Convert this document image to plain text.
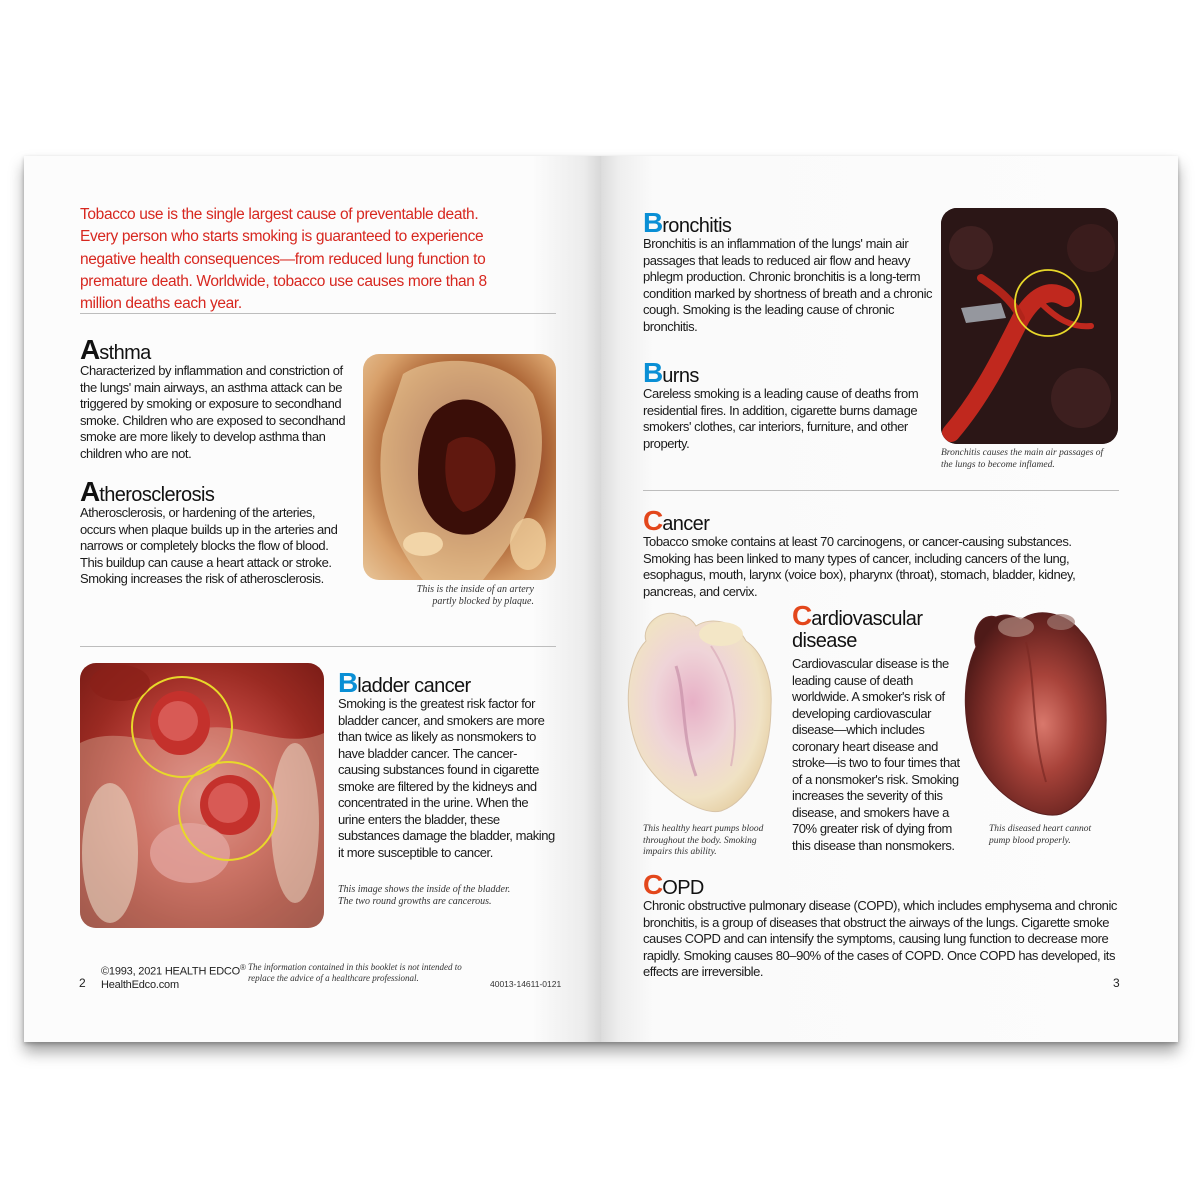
Tobacco use is the single largest cause of preventable death. Every person who starts smoking is guaranteed to experience negative health consequences—from reduced lung function to premature death. Worldwide, tobacco use causes more than 8 million deaths each year.
Asthma
Characterized by inflammation and constriction of the lungs' main airways, an asthma attack can be triggered by smoking or exposure to secondhand smoke. Children who are exposed to secondhand smoke are more likely to develop asthma than children who are not.
Atherosclerosis
Atherosclerosis, or hardening of the arteries, occurs when plaque builds up in the arteries and narrows or completely blocks the flow of blood. This buildup can cause a heart attack or stroke. Smoking increases the risk of atherosclerosis.
This is the inside of an artery
partly blocked by plaque.
Bladder cancer
Smoking is the greatest risk factor for bladder cancer, and smokers are more than twice as likely as nonsmokers to have bladder cancer. The cancer-causing substances found in cigarette smoke are filtered by the kidneys and concentrated in the urine. When the urine enters the bladder, these substances damage the bladder, making it more susceptible to cancer.
This image shows the inside of the bladder.
The two round growths are cancerous.
2
©1993, 2021 HEALTH EDCO®
HealthEdco.com
The information contained in this booklet is not intended to
replace the advice of a healthcare professional.
40013-14611-0121
Bronchitis
Bronchitis is an inflammation of the lungs' main air passages that leads to reduced air flow and heavy phlegm production. Chronic bronchitis is a long-term condition marked by shortness of breath and a chronic cough. Smoking is the leading cause of chronic bronchitis.
Bronchitis causes the main air passages of
the lungs to become inflamed.
Burns
Careless smoking is a leading cause of deaths from residential fires. In addition, cigarette burns damage smokers' clothes, car interiors, furniture, and other property.
Cancer
Tobacco smoke contains at least 70 carcinogens, or cancer-causing substances. Smoking has been linked to many types of cancer, including cancers of the lung, esophagus, mouth, larynx (voice box), pharynx (throat), stomach, bladder, kidney, pancreas, and cervix.
This healthy heart pumps blood
throughout the body. Smoking
impairs this ability.
Cardiovascular
disease
Cardiovascular disease is the leading cause of death worldwide. A smoker's risk of developing cardiovascular disease—which includes coronary heart disease and stroke—is two to four times that of a nonsmoker's risk. Smoking increases the severity of this disease, and smokers have a 70% greater risk of dying from this disease than nonsmokers.
This diseased heart cannot
pump blood properly.
COPD
Chronic obstructive pulmonary disease (COPD), which includes emphysema and chronic bronchitis, is a group of diseases that obstruct the airways of the lungs. Cigarette smoke causes COPD and can intensify the symptoms, causing lung function to decrease more rapidly. Smoking causes 80–90% of the cases of COPD. Once COPD has developed, its effects are irreversible.
3
